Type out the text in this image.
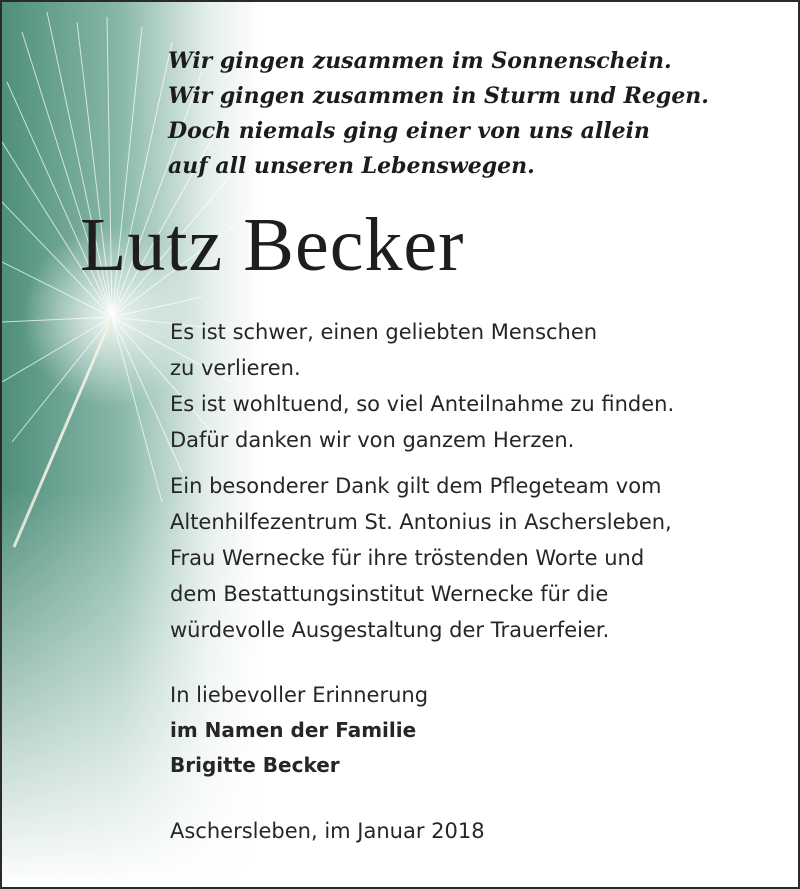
Wir gingen zusammen im Sonnenschein.
Wir gingen zusammen in Sturm und Regen.
Doch niemals ging einer von uns allein
auf all unseren Lebenswegen.
Lutz Becker
Es ist schwer, einen geliebten Menschen
zu verlieren.
Es ist wohltuend, so viel Anteilnahme zu finden.
Dafür danken wir von ganzem Herzen.
Ein besonderer Dank gilt dem Pflegeteam vom
Altenhilfezentrum St. Antonius in Aschersleben,
Frau Wernecke für ihre tröstenden Worte und
dem Bestattungsinstitut Wernecke für die
würdevolle Ausgestaltung der Trauerfeier.
In liebevoller Erinnerung
im Namen der Familie
Brigitte Becker
Aschersleben, im Januar 2018
